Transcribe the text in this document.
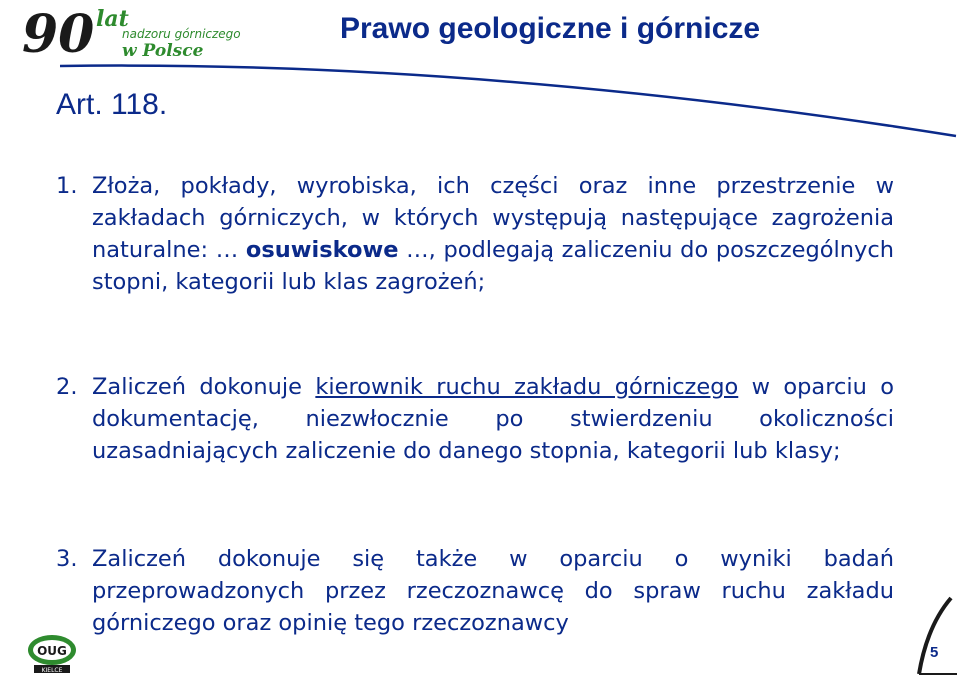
90 lat
nadzoru górniczego
w Polsce
Prawo geologiczne i górnicze
Art. 118.
1. Złoża, pokłady, wyrobiska, ich części oraz inne przestrzenie w zakładach górniczych, w których występują następujące zagrożenia naturalne: … osuwiskowe …, podlegają zaliczeniu do poszczególnych stopni, kategorii lub klas zagrożeń;
2. Zaliczeń dokonuje kierownik ruchu zakładu górniczego w oparciu o dokumentację, niezwłocznie po stwierdzeniu okoliczności uzasadniających zaliczenie do danego stopnia, kategorii lub klasy;
3. Zaliczeń dokonuje się także w oparciu o wyniki badań przeprowadzonych przez rzeczoznawcę do spraw ruchu zakładu górniczego oraz opinię tego rzeczoznawcy
OUG
KIELCE
5
